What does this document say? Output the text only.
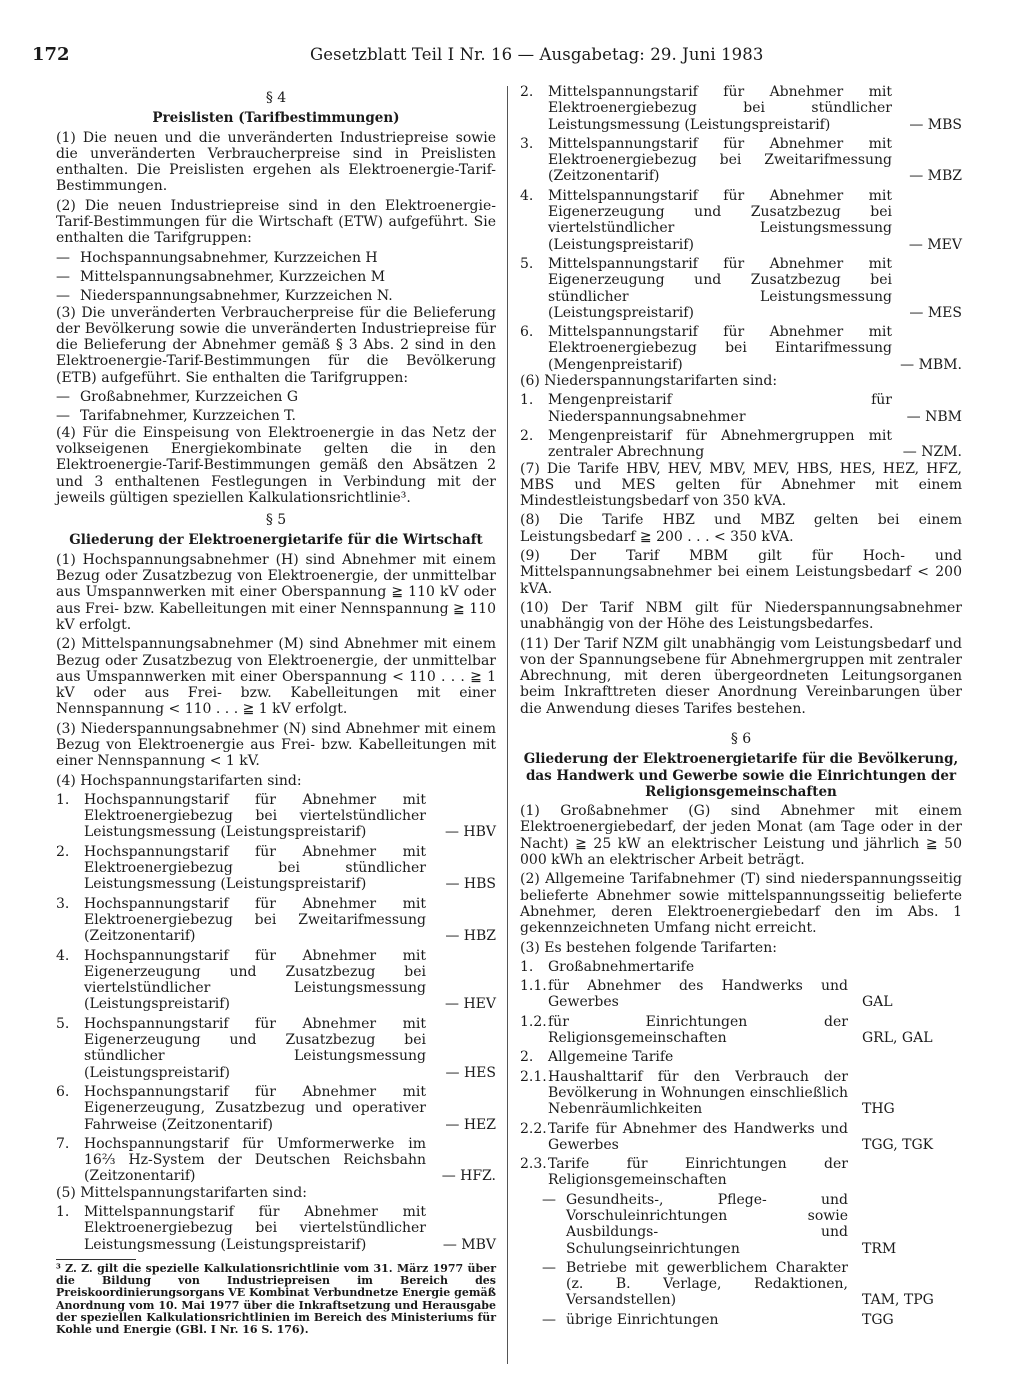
172	Gesetzblatt Teil I Nr. 16 — Ausgabetag: 29. Juni 1983

§ 4

Preislisten (Tarifbestimmungen)

(1) Die neuen und die unveränderten Industriepreise sowie die unveränderten Verbraucherpreise sind in Preislisten enthalten. Die Preislisten ergehen als Elektroenergie-Tarif-Bestimmungen.

(2) Die neuen Industriepreise sind in den Elektroenergie-Tarif-Bestimmungen für die Wirtschaft (ETW) aufgeführt. Sie enthalten die Tarifgruppen:

— Hochspannungsabnehmer, Kurzzeichen H
— Mittelspannungsabnehmer, Kurzzeichen M
— Niederspannungsabnehmer, Kurzzeichen N.

(3) Die unveränderten Verbraucherpreise für die Belieferung der Bevölkerung sowie die unveränderten Industriepreise für die Belieferung der Abnehmer gemäß § 3 Abs. 2 sind in den Elektroenergie-Tarif-Bestimmungen für die Bevölkerung (ETB) aufgeführt. Sie enthalten die Tarifgruppen:

— Großabnehmer, Kurzzeichen G
— Tarifabnehmer, Kurzzeichen T.

(4) Für die Einspeisung von Elektroenergie in das Netz der volkseigenen Energiekombinate gelten die in den Elektroenergie-Tarif-Bestimmungen gemäß den Absätzen 2 und 3 enthaltenen Festlegungen in Verbindung mit der jeweils gültigen speziellen Kalkulationsrichtlinie³.

§ 5

Gliederung der Elektroenergietarife für die Wirtschaft

(1) Hochspannungsabnehmer (H) sind Abnehmer mit einem Bezug oder Zusatzbezug von Elektroenergie, der unmittelbar aus Umspannwerken mit einer Oberspannung ≧ 110 kV oder aus Frei- bzw. Kabelleitungen mit einer Nennspannung ≧ 110 kV erfolgt.

(2) Mittelspannungsabnehmer (M) sind Abnehmer mit einem Bezug oder Zusatzbezug von Elektroenergie, der unmittelbar aus Umspannwerken mit einer Oberspannung < 110 . . . ≧ 1 kV oder aus Frei- bzw. Kabelleitungen mit einer Nennspannung < 110 . . . ≧ 1 kV erfolgt.

(3) Niederspannungsabnehmer (N) sind Abnehmer mit einem Bezug von Elektroenergie aus Frei- bzw. Kabelleitungen mit einer Nennspannung < 1 kV.

(4) Hochspannungstarifarten sind:

1.	Hochspannungstarif für Abnehmer mit Elektroenergiebezug bei viertelstündlicher Leistungsmessung (Leistungspreistarif)	— HBV
2.	Hochspannungstarif für Abnehmer mit Elektroenergiebezug bei stündlicher Leistungsmessung (Leistungspreistarif)	— HBS
3.	Hochspannungstarif für Abnehmer mit Elektroenergiebezug bei Zweitarifmessung (Zeitzonentarif)	— HBZ
4.	Hochspannungstarif für Abnehmer mit Eigenerzeugung und Zusatzbezug bei viertelstündlicher Leistungsmessung (Leistungspreistarif)	— HEV
5.	Hochspannungstarif für Abnehmer mit Eigenerzeugung und Zusatzbezug bei stündlicher Leistungsmessung (Leistungspreistarif)	— HES
6.	Hochspannungstarif für Abnehmer mit Eigenerzeugung, Zusatzbezug und operativer Fahrweise (Zeitzonentarif)	— HEZ
7.	Hochspannungstarif für Umformerwerke im 16⅔ Hz-System der Deutschen Reichsbahn (Zeitzonentarif)	— HFZ.

(5) Mittelspannungstarifarten sind:

1.	Mittelspannungstarif für Abnehmer mit Elektroenergiebezug bei viertelstündlicher Leistungsmessung (Leistungspreistarif)	— MBV

³ Z. Z. gilt die spezielle Kalkulationsrichtlinie vom 31. März 1977 über die Bildung von Industriepreisen im Bereich des Preiskoordinierungsorgans VE Kombinat Verbundnetze Energie gemäß Anordnung vom 10. Mai 1977 über die Inkraftsetzung und Herausgabe der speziellen Kalkulationsrichtlinien im Bereich des Ministeriums für Kohle und Energie (GBl. I Nr. 16 S. 176).

2.	Mittelspannungstarif für Abnehmer mit Elektroenergiebezug bei stündlicher Leistungsmessung (Leistungspreistarif)	— MBS
3.	Mittelspannungstarif für Abnehmer mit Elektroenergiebezug bei Zweitarifmessung (Zeitzonentarif)	— MBZ
4.	Mittelspannungstarif für Abnehmer mit Eigenerzeugung und Zusatzbezug bei viertelstündlicher Leistungsmessung (Leistungspreistarif)	— MEV
5.	Mittelspannungstarif für Abnehmer mit Eigenerzeugung und Zusatzbezug bei stündlicher Leistungsmessung (Leistungspreistarif)	— MES
6.	Mittelspannungstarif für Abnehmer mit Elektroenergiebezug bei Eintarifmessung (Mengenpreistarif)	— MBM.

(6) Niederspannungstarifarten sind:

1.	Mengenpreistarif für Niederspannungsabnehmer	— NBM
2.	Mengenpreistarif für Abnehmergruppen mit zentraler Abrechnung	— NZM.

(7) Die Tarife HBV, HEV, MBV, MEV, HBS, HES, HEZ, HFZ, MBS und MES gelten für Abnehmer mit einem Mindestleistungsbedarf von 350 kVA.

(8) Die Tarife HBZ und MBZ gelten bei einem Leistungsbedarf ≧ 200 . . . < 350 kVA.

(9) Der Tarif MBM gilt für Hoch- und Mittelspannungsabnehmer bei einem Leistungsbedarf < 200 kVA.

(10) Der Tarif NBM gilt für Niederspannungsabnehmer unabhängig von der Höhe des Leistungsbedarfes.

(11) Der Tarif NZM gilt unabhängig vom Leistungsbedarf und von der Spannungsebene für Abnehmergruppen mit zentraler Abrechnung, mit deren übergeordneten Leitungsorganen beim Inkrafttreten dieser Anordnung Vereinbarungen über die Anwendung dieses Tarifes bestehen.

§ 6

Gliederung der Elektroenergietarife für die Bevölkerung, das Handwerk und Gewerbe sowie die Einrichtungen der Religionsgemeinschaften

(1) Großabnehmer (G) sind Abnehmer mit einem Elektroenergiebedarf, der jeden Monat (am Tage oder in der Nacht) ≧ 25 kW an elektrischer Leistung und jährlich ≧ 50 000 kWh an elektrischer Arbeit beträgt.

(2) Allgemeine Tarifabnehmer (T) sind niederspannungsseitig belieferte Abnehmer sowie mittelspannungsseitig belieferte Abnehmer, deren Elektroenergiebedarf den im Abs. 1 gekennzeichneten Umfang nicht erreicht.

(3) Es bestehen folgende Tarifarten:

1.	Großabnehmertarife
1.1. für Abnehmer des Handwerks und Gewerbes	GAL
1.2. für Einrichtungen der Religionsgemeinschaften	GRL, GAL
2.	Allgemeine Tarife
2.1. Haushalttarif für den Verbrauch der Bevölkerung in Wohnungen einschließlich Nebenräumlichkeiten	THG
2.2. Tarife für Abnehmer des Handwerks und Gewerbes	TGG, TGK
2.3. Tarife für Einrichtungen der Religionsgemeinschaften
— Gesundheits-, Pflege- und Vorschuleinrichtungen sowie Ausbildungs- und Schulungseinrichtungen	TRM
— Betriebe mit gewerblichem Charakter (z. B. Verlage, Redaktionen, Versandstellen)	TAM, TPG
— übrige Einrichtungen	TGG
